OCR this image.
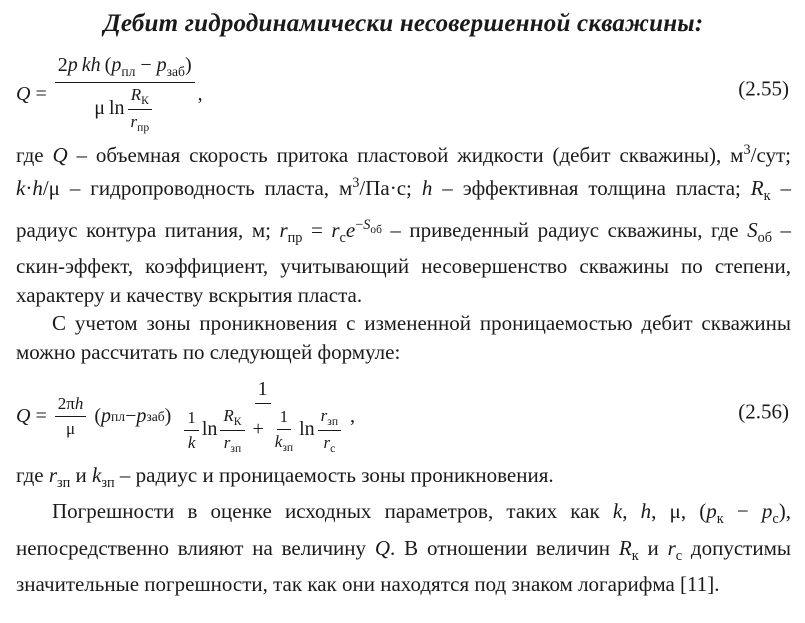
Дебит гидродинамически несовершенной скважины:
$Q = \frac{2p kh (p_{пл} - p_{заб})}{\mu \ln \frac{R_К}{r_{пр}}}$ ,	(2.55)

где Q – объемная скорость притока пластовой жидкости (дебит скважины), $м^3$/сут; k·h/μ – гидропроводность пласта, $м^3/Па\cdot с$; h – эффективная толщина пласта; $R_к$ – радиус контура питания, м; $r_{пр} = r_сe^{-S_{об}}$ – приведенный радиус скважины, где $S_{об}$ – скин-эффект, коэффициент, учитывающий несовершенство скважины по степени, характеру и качеству вскрытия пласта.

С учетом зоны проникновения с измененной проницаемостью дебит скважины можно рассчитать по следующей формуле:

$Q = \frac{2\pi h}{\mu}$ ( p пл − p заб )  $\frac{1}{\frac{1}{k} \ln \frac{R_К}{r_{зп}} + \frac{1}{k_{зп}} \ln \frac{r_{зп}}{r_с}}$ ,	(2.56)

где $r_{зп}$ и $k_{зп}$ – радиус и проницаемость зоны проникновения.

Погрешности в оценке исходных параметров, таких как k, h, μ, $(p_к - p_с)$, непосредственно влияют на величину Q. В отношении величин $R_к$ и $r_с$ допустимы значительные погрешности, так как они находятся под знаком логарифма [11].
